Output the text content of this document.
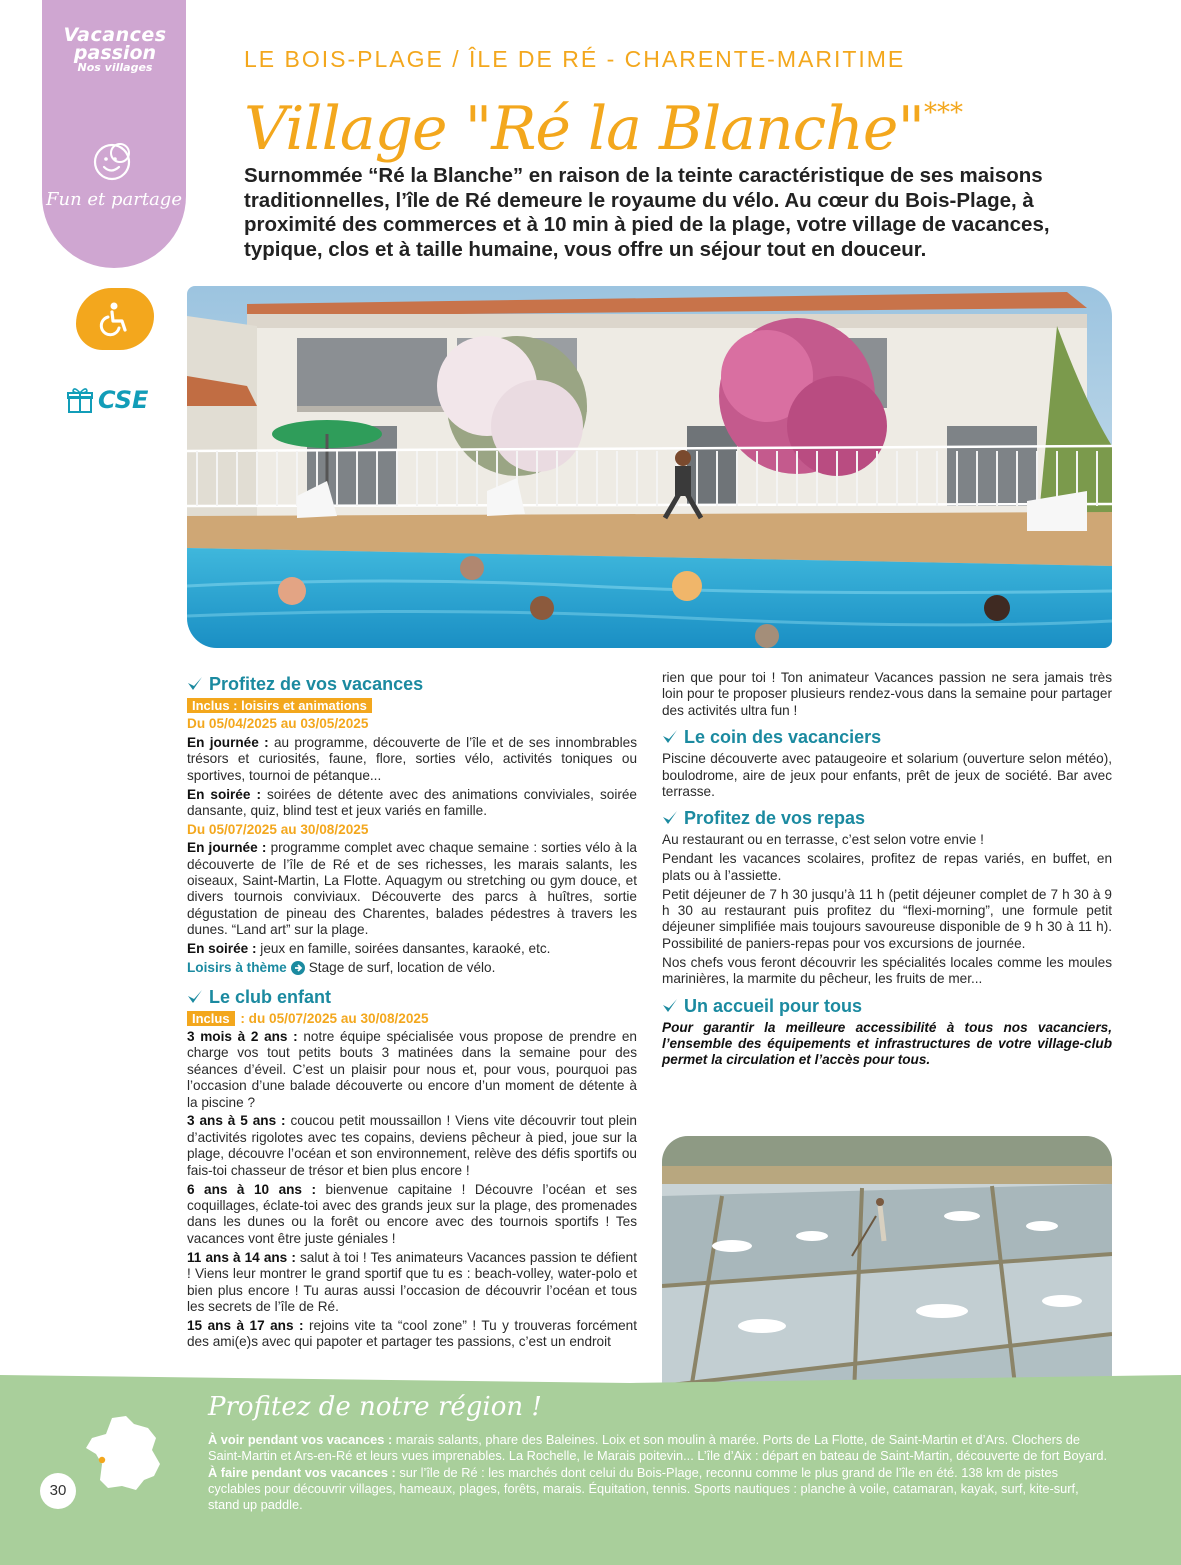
Vacances
passion
Nos villages
Fun et partage
CSE
LE BOIS-PLAGE / ÎLE DE RÉ - CHARENTE-MARITIME
Village "Ré la Blanche"***
Surnommée “Ré la Blanche” en raison de la teinte caractéristique de ses maisons traditionnelles, l’île de Ré demeure le royaume du vélo. Au cœur du Bois-Plage, à proximité des commerces et à 10 min à pied de la plage, votre village de vacances, typique, clos et à taille humaine, vous offre un séjour tout en douceur.
Profitez de vos vacances
Inclus : loisirs et animations
Du 05/04/2025 au 03/05/2025

En journée : au programme, découverte de l’île et de ses innombrables trésors et curiosités, faune, flore, sorties vélo, activités toniques ou sportives, tournoi de pétanque...

En soirée : soirées de détente avec des animations conviviales, soirée dansante, quiz, blind test et jeux variés en famille.

Du 05/07/2025 au 30/08/2025

En journée : programme complet avec chaque semaine : sorties vélo à la découverte de l’île de Ré et de ses richesses, les marais salants, les oiseaux, Saint-Martin, La Flotte. Aquagym ou stretching ou gym douce, et divers tournois conviviaux. Découverte des parcs à huîtres, sortie dégustation de pineau des Charentes, balades pédestres à travers les dunes. “Land art” sur la plage.

En soirée : jeux en famille, soirées dansantes, karaoké, etc.

Loisirs à thème Stage de surf, location de vélo.
Le club enfant
Inclus : du 05/07/2025 au 30/08/2025

3 mois à 2 ans : notre équipe spécialisée vous propose de prendre en charge vos tout petits bouts 3 matinées dans la semaine pour des séances d’éveil. C’est un plaisir pour nous et, pour vous, pourquoi pas l’occasion d’une balade découverte ou encore d’un moment de détente à la piscine ?

3 ans à 5 ans : coucou petit moussaillon ! Viens vite découvrir tout plein d’activités rigolotes avec tes copains, deviens pêcheur à pied, joue sur la plage, découvre l’océan et son environnement, relève des défis sportifs ou fais-toi chasseur de trésor et bien plus encore !

6 ans à 10 ans : bienvenue capitaine ! Découvre l’océan et ses coquillages, éclate-toi avec des grands jeux sur la plage, des promenades dans les dunes ou la forêt ou encore avec des tournois sportifs ! Tes vacances vont être juste géniales !

11 ans à 14 ans : salut à toi ! Tes animateurs Vacances passion te défient ! Viens leur montrer le grand sportif que tu es : beach-volley, water-polo et bien plus encore ! Tu auras aussi l’occasion de découvrir l’océan et tous les secrets de l’île de Ré.

15 ans à 17 ans : rejoins vite ta “cool zone” ! Tu y trouveras forcément des ami(e)s avec qui papoter et partager tes passions, c’est un endroit

rien que pour toi ! Ton animateur Vacances passion ne sera jamais très loin pour te proposer plusieurs rendez-vous dans la semaine pour partager des activités ultra fun !

Le coin des vacanciers

Piscine découverte avec pataugeoire et solarium (ouverture selon météo), boulodrome, aire de jeux pour enfants, prêt de jeux de société. Bar avec terrasse.

Profitez de vos repas

Au restaurant ou en terrasse, c’est selon votre envie !

Pendant les vacances scolaires, profitez de repas variés, en buffet, en plats ou à l’assiette.

Petit déjeuner de 7 h 30 jusqu’à 11 h (petit déjeuner complet de 7 h 30 à 9 h 30 au restaurant puis profitez du “flexi-morning”, une formule petit déjeuner simplifiée mais toujours savoureuse disponible de 9 h 30 à 11 h). Possibilité de paniers-repas pour vos excursions de journée.

Nos chefs vous feront découvrir les spécialités locales comme les moules marinières, la marmite du pêcheur, les fruits de mer...

Un accueil pour tous

Pour garantir la meilleure accessibilité à tous nos vacanciers, l’ensemble des équipements et infrastructures de votre village-club permet la circulation et l’accès pour tous.

Profitez de notre région !
À voir pendant vos vacances : marais salants, phare des Baleines. Loix et son moulin à marée. Ports de La Flotte, de Saint-Martin et d’Ars. Clochers de Saint-Martin et Ars-en-Ré et leurs vues imprenables. La Rochelle, le Marais poitevin... L’île d’Aix : départ en bateau de Saint-Martin, découverte de fort Boyard.
À faire pendant vos vacances : sur l’île de Ré : les marchés dont celui du Bois-Plage, reconnu comme le plus grand de l’île en été. 138 km de pistes cyclables pour découvrir villages, hameaux, plages, forêts, marais. Équitation, tennis. Sports nautiques : planche à voile, catamaran, kayak, surf, kite-surf, stand up paddle.
30
